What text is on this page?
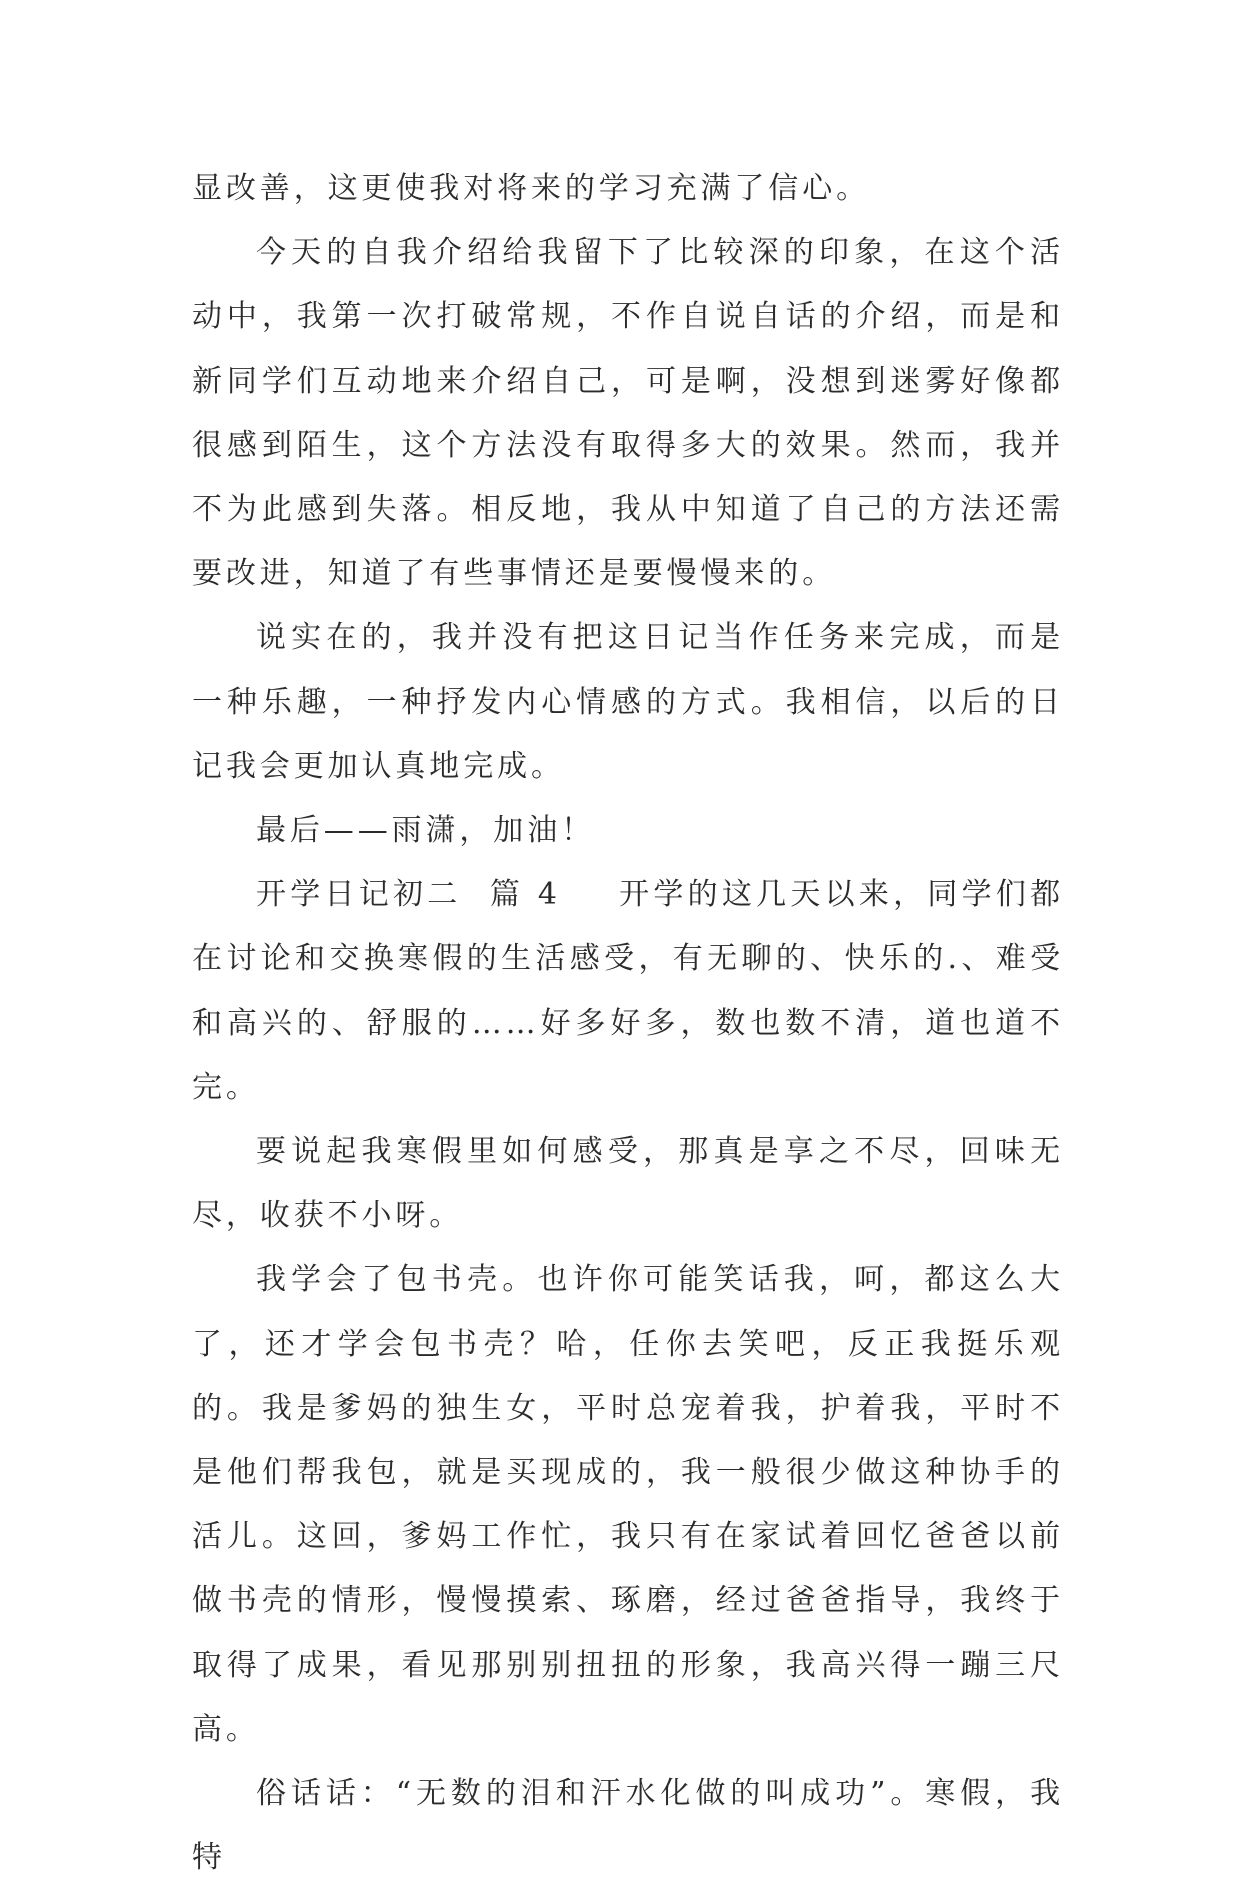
显改善，这更使我对将来的学习充满了信心。

今天的自我介绍给我留下了比较深的印象，在这个活动中，我第一次打破常规，不作自说自话的介绍，而是和新同学们互动地来介绍自己，可是啊，没想到迷雾好像都很感到陌生，这个方法没有取得多大的效果。然而，我并不为此感到失落。相反地，我从中知道了自己的方法还需要改进，知道了有些事情还是要慢慢来的。

说实在的，我并没有把这日记当作任务来完成，而是一种乐趣，一种抒发内心情感的方式。我相信，以后的日记我会更加认真地完成。

最后——雨潇，加油！

开学日记初二 篇 4 开学的这几天以来，同学们都在讨论和交换寒假的生活感受，有无聊的、快乐的.、难受和高兴的、舒服的……好多好多，数也数不清，道也道不完。

要说起我寒假里如何感受，那真是享之不尽，回味无尽，收获不小呀。

我学会了包书壳。也许你可能笑话我，呵，都这么大了，还才学会包书壳？哈，任你去笑吧，反正我挺乐观的。我是爹妈的独生女，平时总宠着我，护着我，平时不是他们帮我包，就是买现成的，我一般很少做这种协手的活儿。这回，爹妈工作忙，我只有在家试着回忆爸爸以前做书壳的情形，慢慢摸索、琢磨，经过爸爸指导，我终于取得了成果，看见那别别扭扭的形象，我高兴得一蹦三尺高。

俗话话：“无数的泪和汗水化做的叫成功”。寒假，我特
